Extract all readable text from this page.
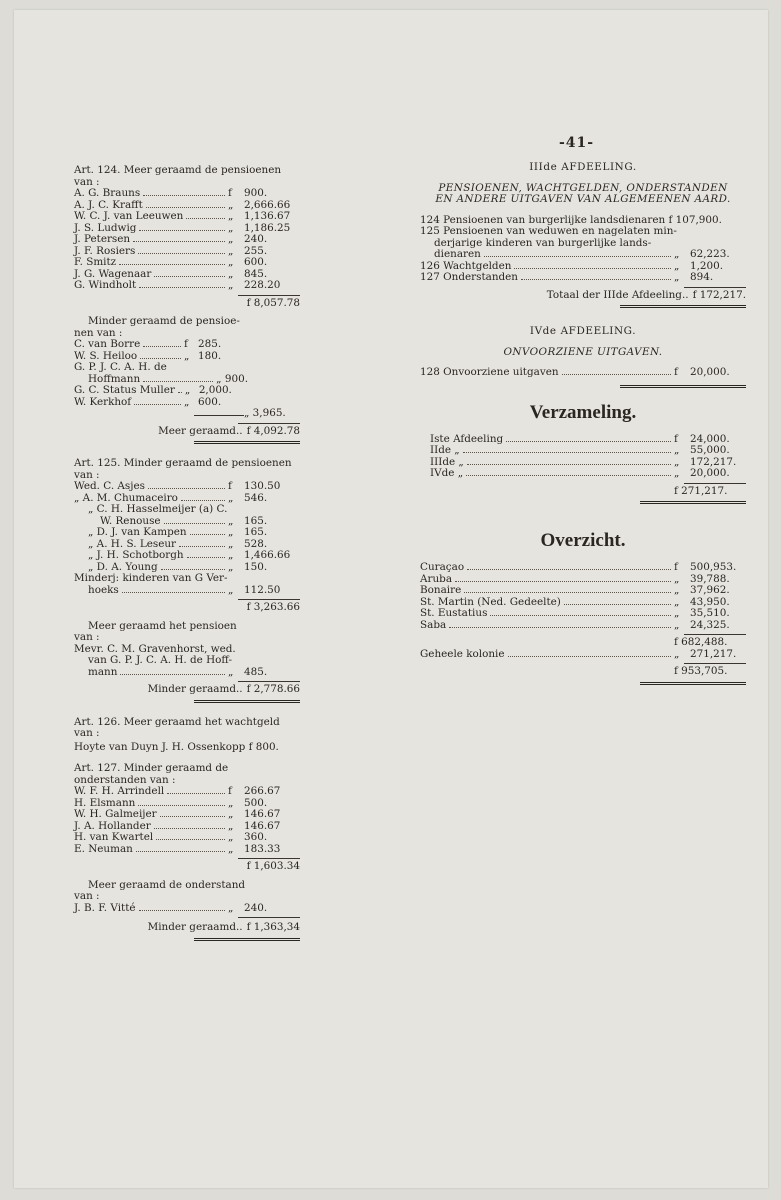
-41-
Art. 124. Meer geraamd de pensioenen van :
A. G. Brauns	f	900.
A. J. C. Krafft	„	2,666.66
W. C. J. van Leeuwen	„	1,136.67
J. S. Ludwig	„	1,186.25
J. Petersen	„	240.
J. F. Rosiers	„	255.
F. Smitz	„	600.
J. G. Wagenaar	„	845.
G. Windholt	„	228.20
f 8,057.78
Minder geraamd de pensioe-
nen van :
C. van Borre	f 285.
W. S. Heiloo	„ 180.
G. P. J. C. A. H. de
Hoffmann	„ 900.
G. C. Status Muller „ 2,000.
W. Kerkhof	„ 600.
„ 3,965.
Meer geraamd.. f 4,092.78
Art. 125. Minder geraamd de pensioenen van :
Wed. C. Asjes	f	130.50
„ A. M. Chumaceiro	„	546.
„ C. H. Hasselmeijer (a) C.
W. Renouse	„	165.
„ D. J. van Kampen	„	165.
„ A. H. S. Leseur	„	528.
„ J. H. Schotborgh	„	1,466.66
„ D. A. Young	„	150.
Minderj: kinderen van G Ver-
hoeks	„	112.50
f 3,263.66
Meer geraamd het pensioen
van :
Mevr. C. M. Gravenhorst, wed.
van G. P. J. C. A. H. de Hoff-
mann	„	485.
Minder geraamd.. f 2,778.66
Art. 126. Meer geraamd het wachtgeld van :
Hoyte van Duyn J. H. Ossenkopp f 800.
Art. 127. Minder geraamd de onderstanden van :
W. F. H. Arrindell	f	266.67
H. Elsmann	„	500.
W. H. Galmeijer	„	146.67
J. A. Hollander	„	146.67
H. van Kwartel	„	360.
E. Neuman	„	183.33
f 1,603.34
Meer geraamd de onderstand
van :
J. B. F. Vitté	„	240.
Minder geraamd.. f 1,363,34
IIIde AFDEELING.
PENSIOENEN, WACHTGELDEN, ONDERSTANDEN
EN ANDERE UITGAVEN VAN ALGEMEENEN AARD.
124 Pensioenen van burgerlijke landsdienaren f 107,900.
125 Pensioenen van weduwen en nagelaten min-
derjarige kinderen van burgerlijke lands-
dienaren	„	62,223.
126 Wachtgelden	„	1,200.
127 Onderstanden	„	894.
Totaal der IIIde Afdeeling.. f 172,217.
IVde AFDEELING.
ONVOORZIENE UITGAVEN.
128 Onvoorziene uitgaven	f	20,000.
Verzameling.
Iste Afdeeling	f	24,000.
IIde „	„	55,000.
IIIde „	„	172,217.
IVde „	„	20,000.
f 271,217.
Overzicht.
Curaçao	f	500,953.
Aruba	„	39,788.
Bonaire	„	37,962.
St. Martin (Ned. Gedeelte)	„	43,950.
St. Eustatius	„	35,510.
Saba	„	24,325.
f 682,488.
Geheele kolonie	„	271,217.
f 953,705.
